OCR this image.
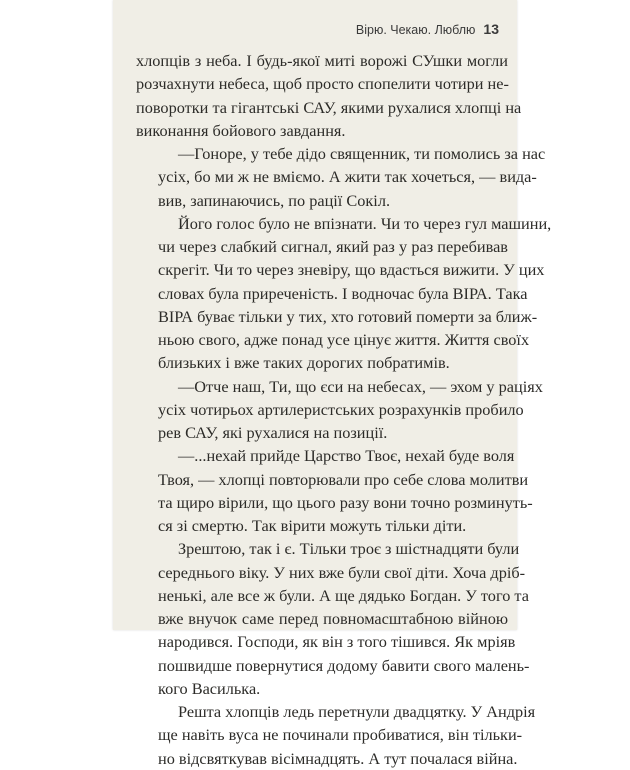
Вірю. Чекаю. Люблю 13

хлопців з неба. І будь-якої миті ворожі СУшки могли
розчахнути небеса, щоб просто спопелити чотири не-
поворотки та гігантські САУ, якими рухалися хлопці на
виконання бойового завдання.

—Гоноре, у тебе дідо священник, ти помолись за нас
усіх, бо ми ж не вміємо. А жити так хочеться, — вида-
вив, запинаючись, по рації Сокіл.

Його голос було не впізнати. Чи то через гул машини,
чи через слабкий сигнал, який раз у раз перебивав
скрегіт. Чи то через зневіру, що вдасться вижити. У цих
словах була приреченість. І водночас була ВІРА. Така
ВІРА буває тільки у тих, хто готовий померти за ближ-
ньою свого, адже понад усе цінує життя. Життя своїх
близьких і вже таких дорогих побратимів.

—Отче наш, Ти, що єси на небесах, — эхом у раціях
усіх чотирьох артилеристських розрахунків пробило
рев САУ, які рухалися на позиції.

—...нехай прийде Царство Твоє, нехай буде воля
Твоя, — хлопці повторювали про себе слова молитви
та щиро вірили, що цього разу вони точно розминуть-
ся зі смертю. Так вірити можуть тільки діти.

Зрештою, так і є. Тільки троє з шістнадцяти були
середнього віку. У них вже були свої діти. Хоча дріб-
ненькі, але все ж були. А ще дядько Богдан. У того та
вже внучок саме перед повномасштабною війною
народився. Господи, як він з того тішився. Як мріяв
пошвидше повернутися додому бавити свого малень-
кого Василька.

Решта хлопців ледь перетнули двадцятку. У Андрія
ще навіть вуса не починали пробиватися, він тільки-
но відсвяткував вісімнадцять. А тут почалася війна.
